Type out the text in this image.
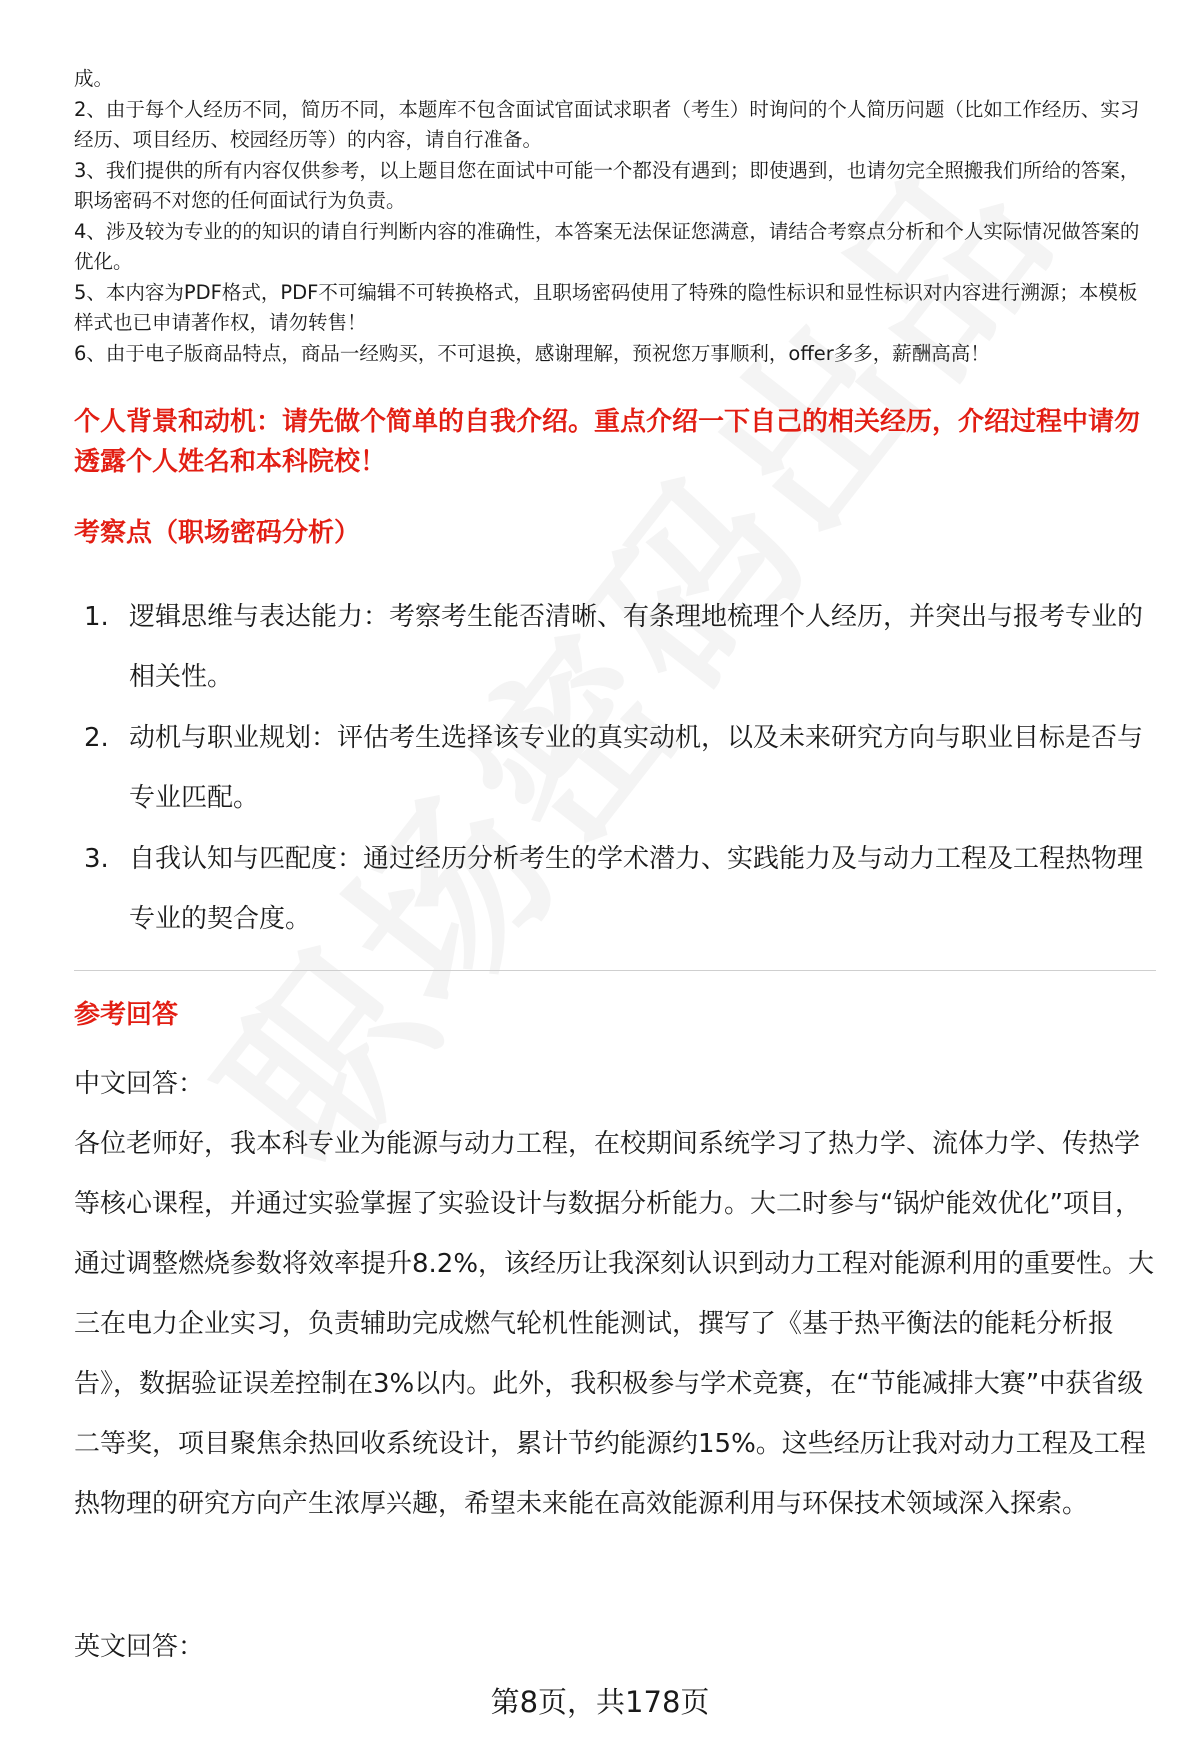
成。

2、由于每个人经历不同，简历不同，本题库不包含面试官面试求职者（考生）时询问的个人简历问题（比如工作经历、实习经历、项目经历、校园经历等）的内容，请自行准备。

3、我们提供的所有内容仅供参考，以上题目您在面试中可能一个都没有遇到；即使遇到，也请勿完全照搬我们所给的答案，职场密码不对您的任何面试行为负责。

4、涉及较为专业的的知识的请自行判断内容的准确性，本答案无法保证您满意，请结合考察点分析和个人实际情况做答案的优化。

5、本内容为PDF格式，PDF不可编辑不可转换格式，且职场密码使用了特殊的隐性标识和显性标识对内容进行溯源；本模板样式也已申请著作权，请勿转售！

6、由于电子版商品特点，商品一经购买，不可退换，感谢理解，预祝您万事顺利，offer多多，薪酬高高！

个人背景和动机：请先做个简单的自我介绍。重点介绍一下自己的相关经历，介绍过程中请勿透露个人姓名和本科院校！
考察点（职场密码分析）

1. 逻辑思维与表达能力：考察考生能否清晰、有条理地梳理个人经历，并突出与报考专业的相关性。

2. 动机与职业规划：评估考生选择该专业的真实动机，以及未来研究方向与职业目标是否与专业匹配。

3. 自我认知与匹配度：通过经历分析考生的学术潜力、实践能力及与动力工程及工程热物理专业的契合度。

参考回答

中文回答：

各位老师好，我本科专业为能源与动力工程，在校期间系统学习了热力学、流体力学、传热学等核心课程，并通过实验掌握了实验设计与数据分析能力。大二时参与“锅炉能效优化”项目，通过调整燃烧参数将效率提升8.2%，该经历让我深刻认识到动力工程对能源利用的重要性。大三在电力企业实习，负责辅助完成燃气轮机性能测试，撰写了《基于热平衡法的能耗分析报告》，数据验证误差控制在3%以内。此外，我积极参与学术竞赛，在“节能减排大赛”中获省级二等奖，项目聚焦余热回收系统设计，累计节约能源约15%。这些经历让我对动力工程及工程热物理的研究方向产生浓厚兴趣，希望未来能在高效能源利用与环保技术领域深入探索。

英文回答：
第8页，共178页
